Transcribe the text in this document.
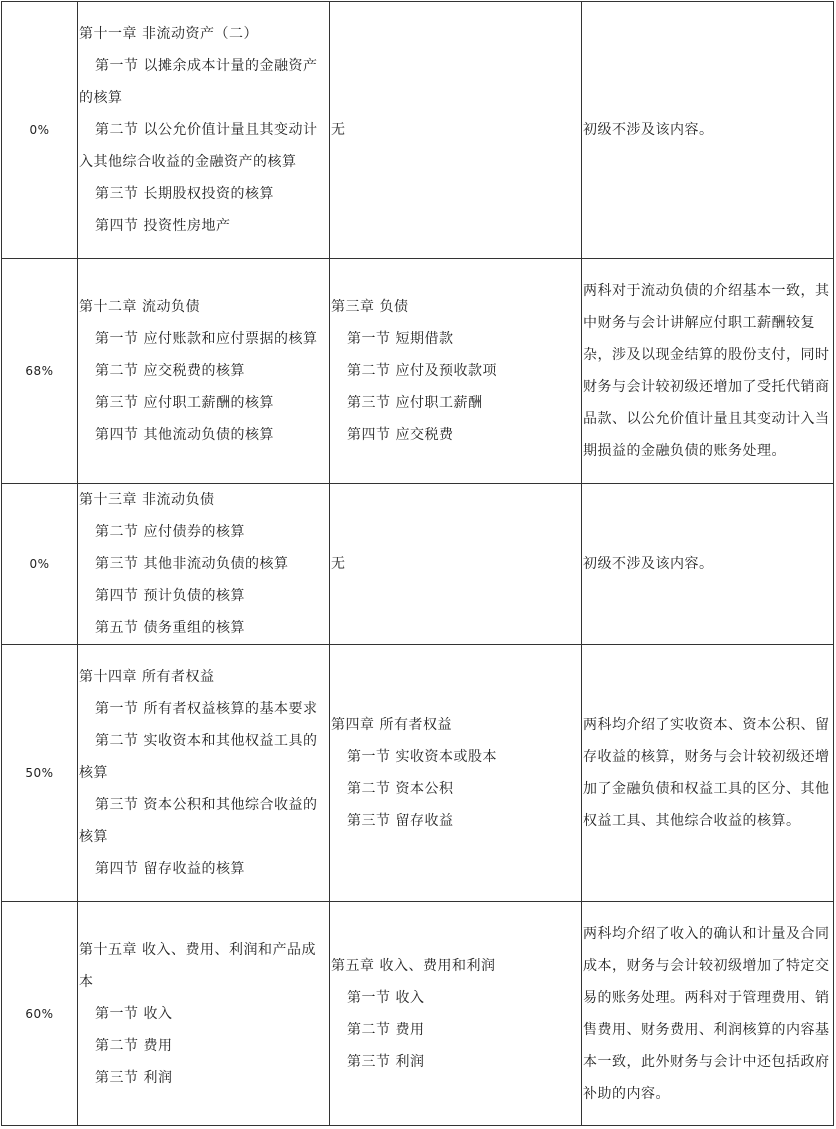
0%	第十一章 非流动资产（二）
第一节 以摊余成本计量的金融资产的核算
第二节 以公允价值计量且其变动计入其他综合收益的金融资产的核算
第三节 长期股权投资的核算
第四节 投资性房地产	无	初级不涉及该内容。
68%	第十二章 流动负债
第一节 应付账款和应付票据的核算
第二节 应交税费的核算
第三节 应付职工薪酬的核算
第四节 其他流动负债的核算	第三章 负债
第一节 短期借款
第二节 应付及预收款项
第三节 应付职工薪酬
第四节 应交税费	两科对于流动负债的介绍基本一致，其中财务与会计讲解应付职工薪酬较复杂，涉及以现金结算的股份支付，同时财务与会计较初级还增加了受托代销商品款、以公允价值计量且其变动计入当期损益的金融负债的账务处理。
0%	第十三章 非流动负债
第二节 应付债券的核算
第三节 其他非流动负债的核算
第四节 预计负债的核算
第五节 债务重组的核算	无	初级不涉及该内容。
50%	第十四章 所有者权益
第一节 所有者权益核算的基本要求
第二节 实收资本和其他权益工具的核算
第三节 资本公积和其他综合收益的核算
第四节 留存收益的核算	第四章 所有者权益
第一节 实收资本或股本
第二节 资本公积
第三节 留存收益	两科均介绍了实收资本、资本公积、留存收益的核算，财务与会计较初级还增加了金融负债和权益工具的区分、其他权益工具、其他综合收益的核算。
60%	第十五章 收入、费用、利润和产品成本
第一节 收入
第二节 费用
第三节 利润	第五章 收入、费用和利润
第一节 收入
第二节 费用
第三节 利润	两科均介绍了收入的确认和计量及合同成本，财务与会计较初级增加了特定交易的账务处理。两科对于管理费用、销售费用、财务费用、利润核算的内容基本一致，此外财务与会计中还包括政府补助的内容。
